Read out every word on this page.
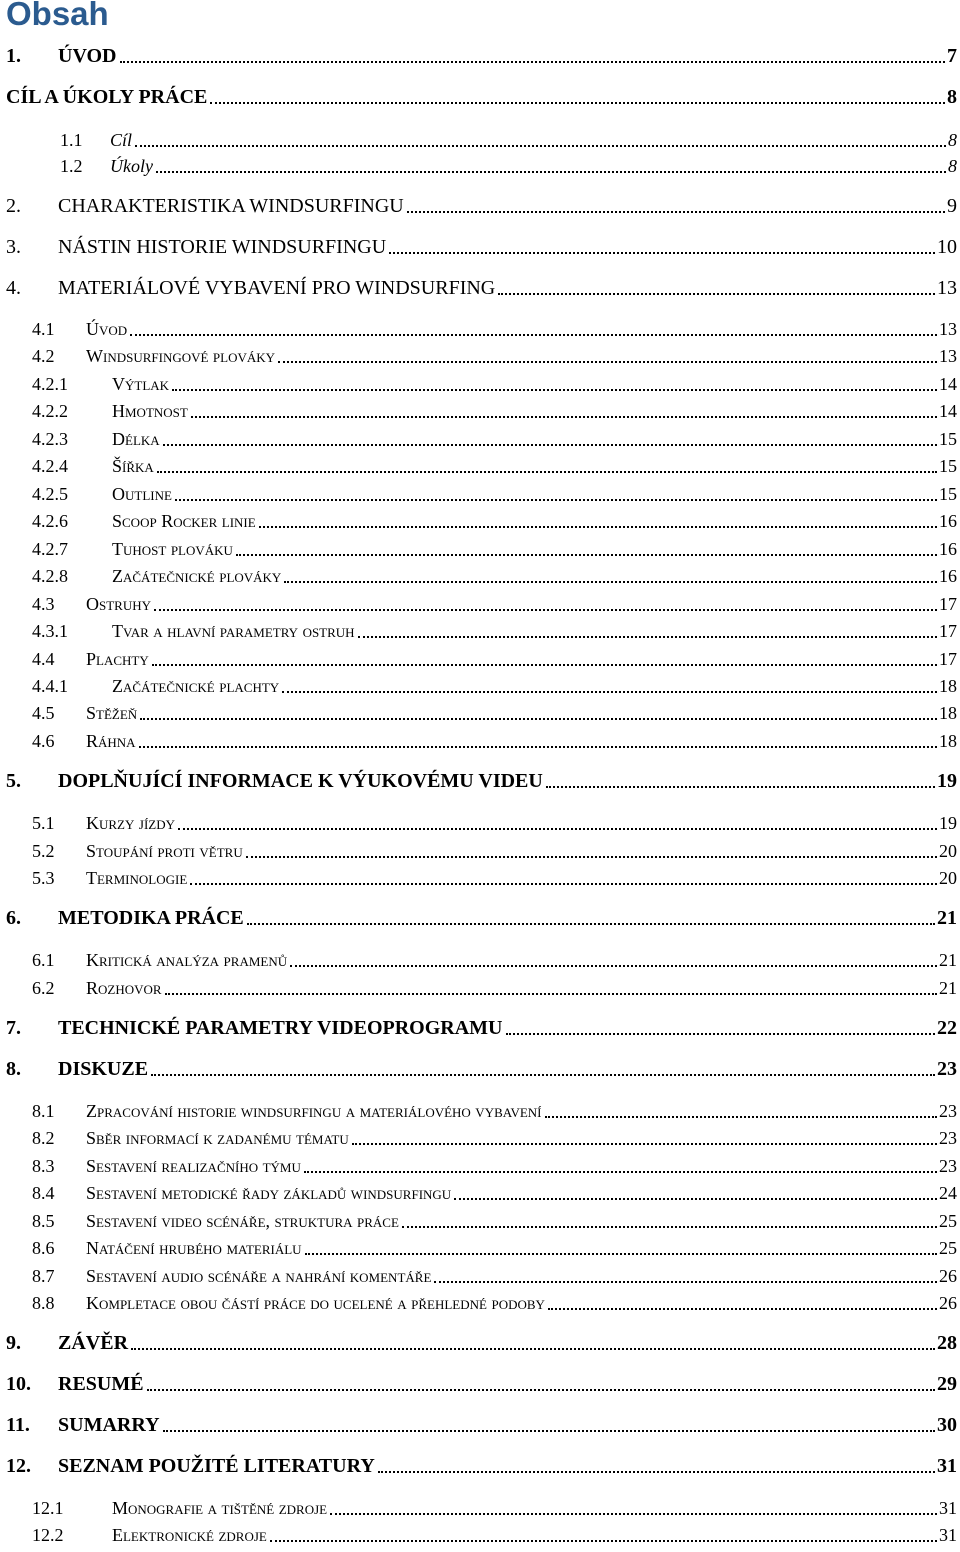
Obsah
1. ÚVOD	7
CÍL A ÚKOLY PRÁCE	8
1.1 Cíl	8
1.2 Úkoly	8
2. CHARAKTERISTIKA WINDSURFINGU	9
3. NÁSTIN HISTORIE WINDSURFINGU	10
4. MATERIÁLOVÉ VYBAVENÍ PRO WINDSURFING	13
4.1 Úvod	13
4.2 Windsurfingové plováky	13
4.2.1 Výtlak	14
4.2.2 Hmotnost	14
4.2.3 Délka	15
4.2.4 Šířka	15
4.2.5 Outline	15
4.2.6 Scoop Rocker linie	16
4.2.7 Tuhost plováku	16
4.2.8 Začátečnické plováky	16
4.3 Ostruhy	17
4.3.1 Tvar a hlavní parametry ostruh	17
4.4 Plachty	17
4.4.1 Začátečnické plachty	18
4.5 Stěžeň	18
4.6 Ráhna	18
5. DOPLŇUJÍCÍ INFORMACE K VÝUKOVÉMU VIDEU	19
5.1 Kurzy jízdy	19
5.2 Stoupání proti větru	20
5.3 Terminologie	20
6. METODIKA PRÁCE	21
6.1 Kritická analýza pramenů	21
6.2 Rozhovor	21
7. TECHNICKÉ PARAMETRY VIDEOPROGRAMU	22
8. DISKUZE	23
8.1 Zpracování historie windsurfingu a materiálového vybavení	23
8.2 Sběr informací k zadanému tématu	23
8.3 Sestavení realizačního týmu	23
8.4 Sestavení metodické řady základů windsurfingu	24
8.5 Sestavení video scénáře, struktura práce	25
8.6 Natáčení hrubého materiálu	25
8.7 Sestavení audio scénáře a nahrání komentáře	26
8.8 Kompletace obou částí práce do ucelené a přehledné podoby	26
9. ZÁVĚR	28
10. RESUMÉ	29
11. SUMARRY	30
12. SEZNAM POUŽITÉ LITERATURY	31
12.1	Monografie a tištěné zdroje	31
12.2	Elektronické zdroje	31
